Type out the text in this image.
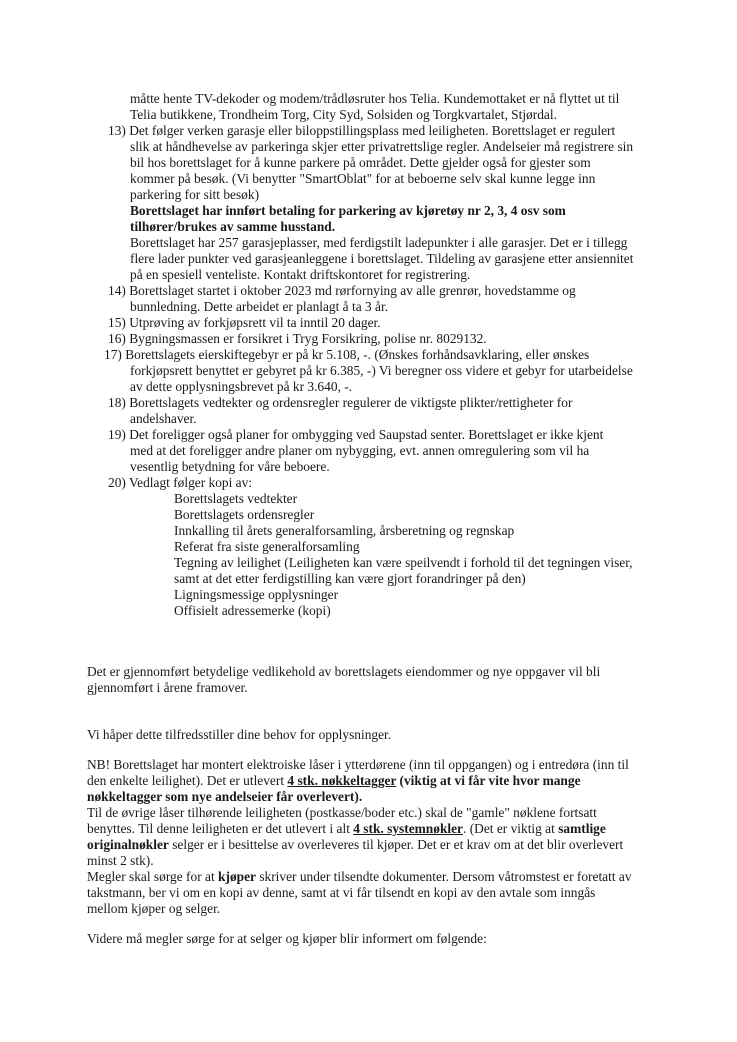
måtte hente TV-dekoder og modem/trådløsruter hos Telia. Kundemottaket er nå flyttet ut til
Telia butikkene, Trondheim Torg, City Syd, Solsiden og Torgkvartalet, Stjørdal.
13) Det følger verken garasje eller biloppstillingsplass med leiligheten. Borettslaget er regulert
slik at håndhevelse av parkeringa skjer etter privatrettslige regler. Andelseier må registrere sin
bil hos borettslaget for å kunne parkere på området. Dette gjelder også for gjester som
kommer på besøk. (Vi benytter "SmartOblat" for at beboerne selv skal kunne legge inn
parkering for sitt besøk)
Borettslaget har innført betaling for parkering av kjøretøy nr 2, 3, 4 osv som
tilhører/brukes av samme husstand.
Borettslaget har 257 garasjeplasser, med ferdigstilt ladepunkter i alle garasjer. Det er i tillegg
flere lader punkter ved garasjeanleggene i borettslaget. Tildeling av garasjene etter ansiennitet
på en spesiell venteliste. Kontakt driftskontoret for registrering.
14) Borettslaget startet i oktober 2023 md rørfornying av alle grenrør, hovedstamme og
bunnledning. Dette arbeidet er planlagt å ta 3 år.
15) Utprøving av forkjøpsrett vil ta inntil 20 dager.
16) Bygningsmassen er forsikret i Tryg Forsikring, polise nr. 8029132.
17) Borettslagets eierskiftegebyr er på kr 5.108, -. (Ønskes forhåndsavklaring, eller ønskes
forkjøpsrett benyttet er gebyret på kr 6.385, -) Vi beregner oss videre et gebyr for utarbeidelse
av dette opplysningsbrevet på kr 3.640, -.
18) Borettslagets vedtekter og ordensregler regulerer de viktigste plikter/rettigheter for
andelshaver.
19) Det foreligger også planer for ombygging ved Saupstad senter. Borettslaget er ikke kjent
med at det foreligger andre planer om nybygging, evt. annen omregulering som vil ha
vesentlig betydning for våre beboere.
20) Vedlagt følger kopi av:
Borettslagets vedtekter
Borettslagets ordensregler
Innkalling til årets generalforsamling, årsberetning og regnskap
Referat fra siste generalforsamling
Tegning av leilighet (Leiligheten kan være speilvendt i forhold til det tegningen viser,
samt at det etter ferdigstilling kan være gjort forandringer på den)
Ligningsmessige opplysninger
Offisielt adressemerke (kopi)
Det er gjennomført betydelige vedlikehold av borettslagets eiendommer og nye oppgaver vil bli
gjennomført i årene framover.
Vi håper dette tilfredsstiller dine behov for opplysninger.
NB! Borettslaget har montert elektroiske låser i ytterdørene (inn til oppgangen) og i entredøra (inn til
den enkelte leilighet). Det er utlevert 4 stk. nøkkeltagger (viktig at vi får vite hvor mange
nøkkeltagger som nye andelseier får overlevert).
Til de øvrige låser tilhørende leiligheten (postkasse/boder etc.) skal de "gamle" nøklene fortsatt
benyttes. Til denne leiligheten er det utlevert i alt 4 stk. systemnøkler. (Det er viktig at samtlige
originalnøkler selger er i besittelse av overleveres til kjøper. Det er et krav om at det blir overlevert
minst 2 stk).
Megler skal sørge for at kjøper skriver under tilsendte dokumenter. Dersom våtromstest er foretatt av
takstmann, ber vi om en kopi av denne, samt at vi får tilsendt en kopi av den avtale som inngås
mellom kjøper og selger.
Videre må megler sørge for at selger og kjøper blir informert om følgende:
